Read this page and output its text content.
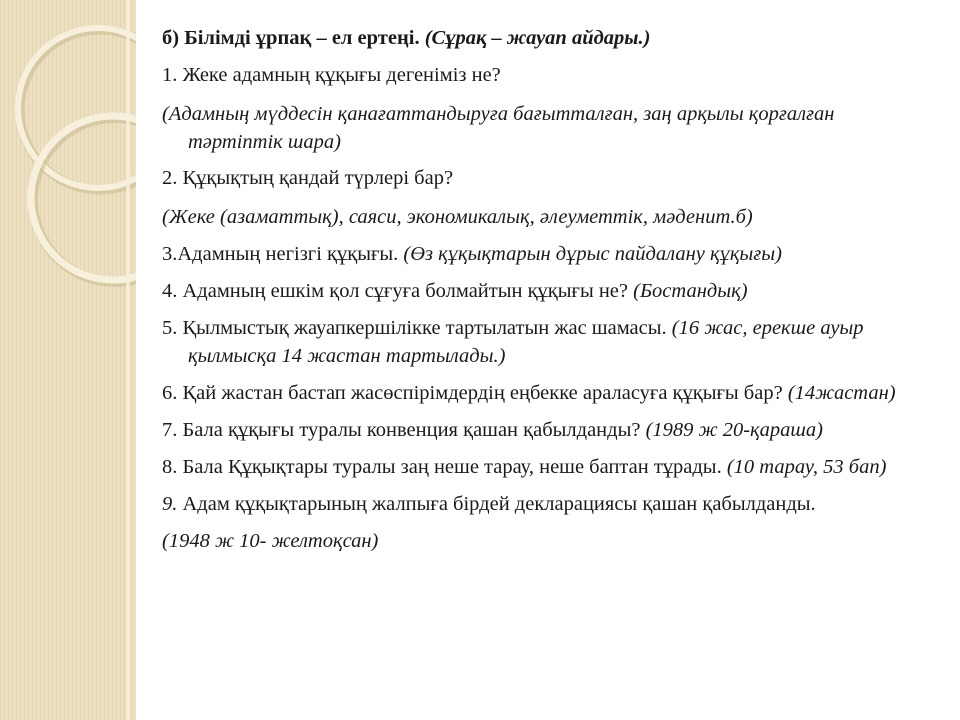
б) Білімді ұрпақ – ел ертеңі. (Сұрақ – жауап айдары.)

1. Жеке адамның құқығы дегеніміз не?

(Адамның мүддесін қанағаттандыруға бағытталған, заң арқылы қорғалған тәртіптік шара)

2. Құқықтың қандай түрлері бар?

(Жеке (азаматтық), саяси, экономикалық, әлеуметтік, мәденит.б)

3.Адамның негізгі құқығы. (Өз құқықтарын дұрыс пайдалану құқығы)

4. Адамның ешкім қол сұғуға болмайтын құқығы не? (Бостандық)

5. Қылмыстық жауапкершілікке тартылатын жас шамасы. (16 жас, ерекше ауыр қылмысқа 14 жастан тартылады.)

6. Қай жастан бастап жасөспірімдердің еңбекке араласуға құқығы бар? (14жастан)

7. Бала құқығы туралы конвенция қашан қабылданды? (1989 ж 20-қараша)

8. Бала Құқықтары туралы заң неше тарау, неше баптан тұрады. (10 тарау, 53 бап)

9. Адам құқықтарының жалпыға бірдей декларациясы қашан қабылданды.

(1948 ж 10- желтоқсан)
